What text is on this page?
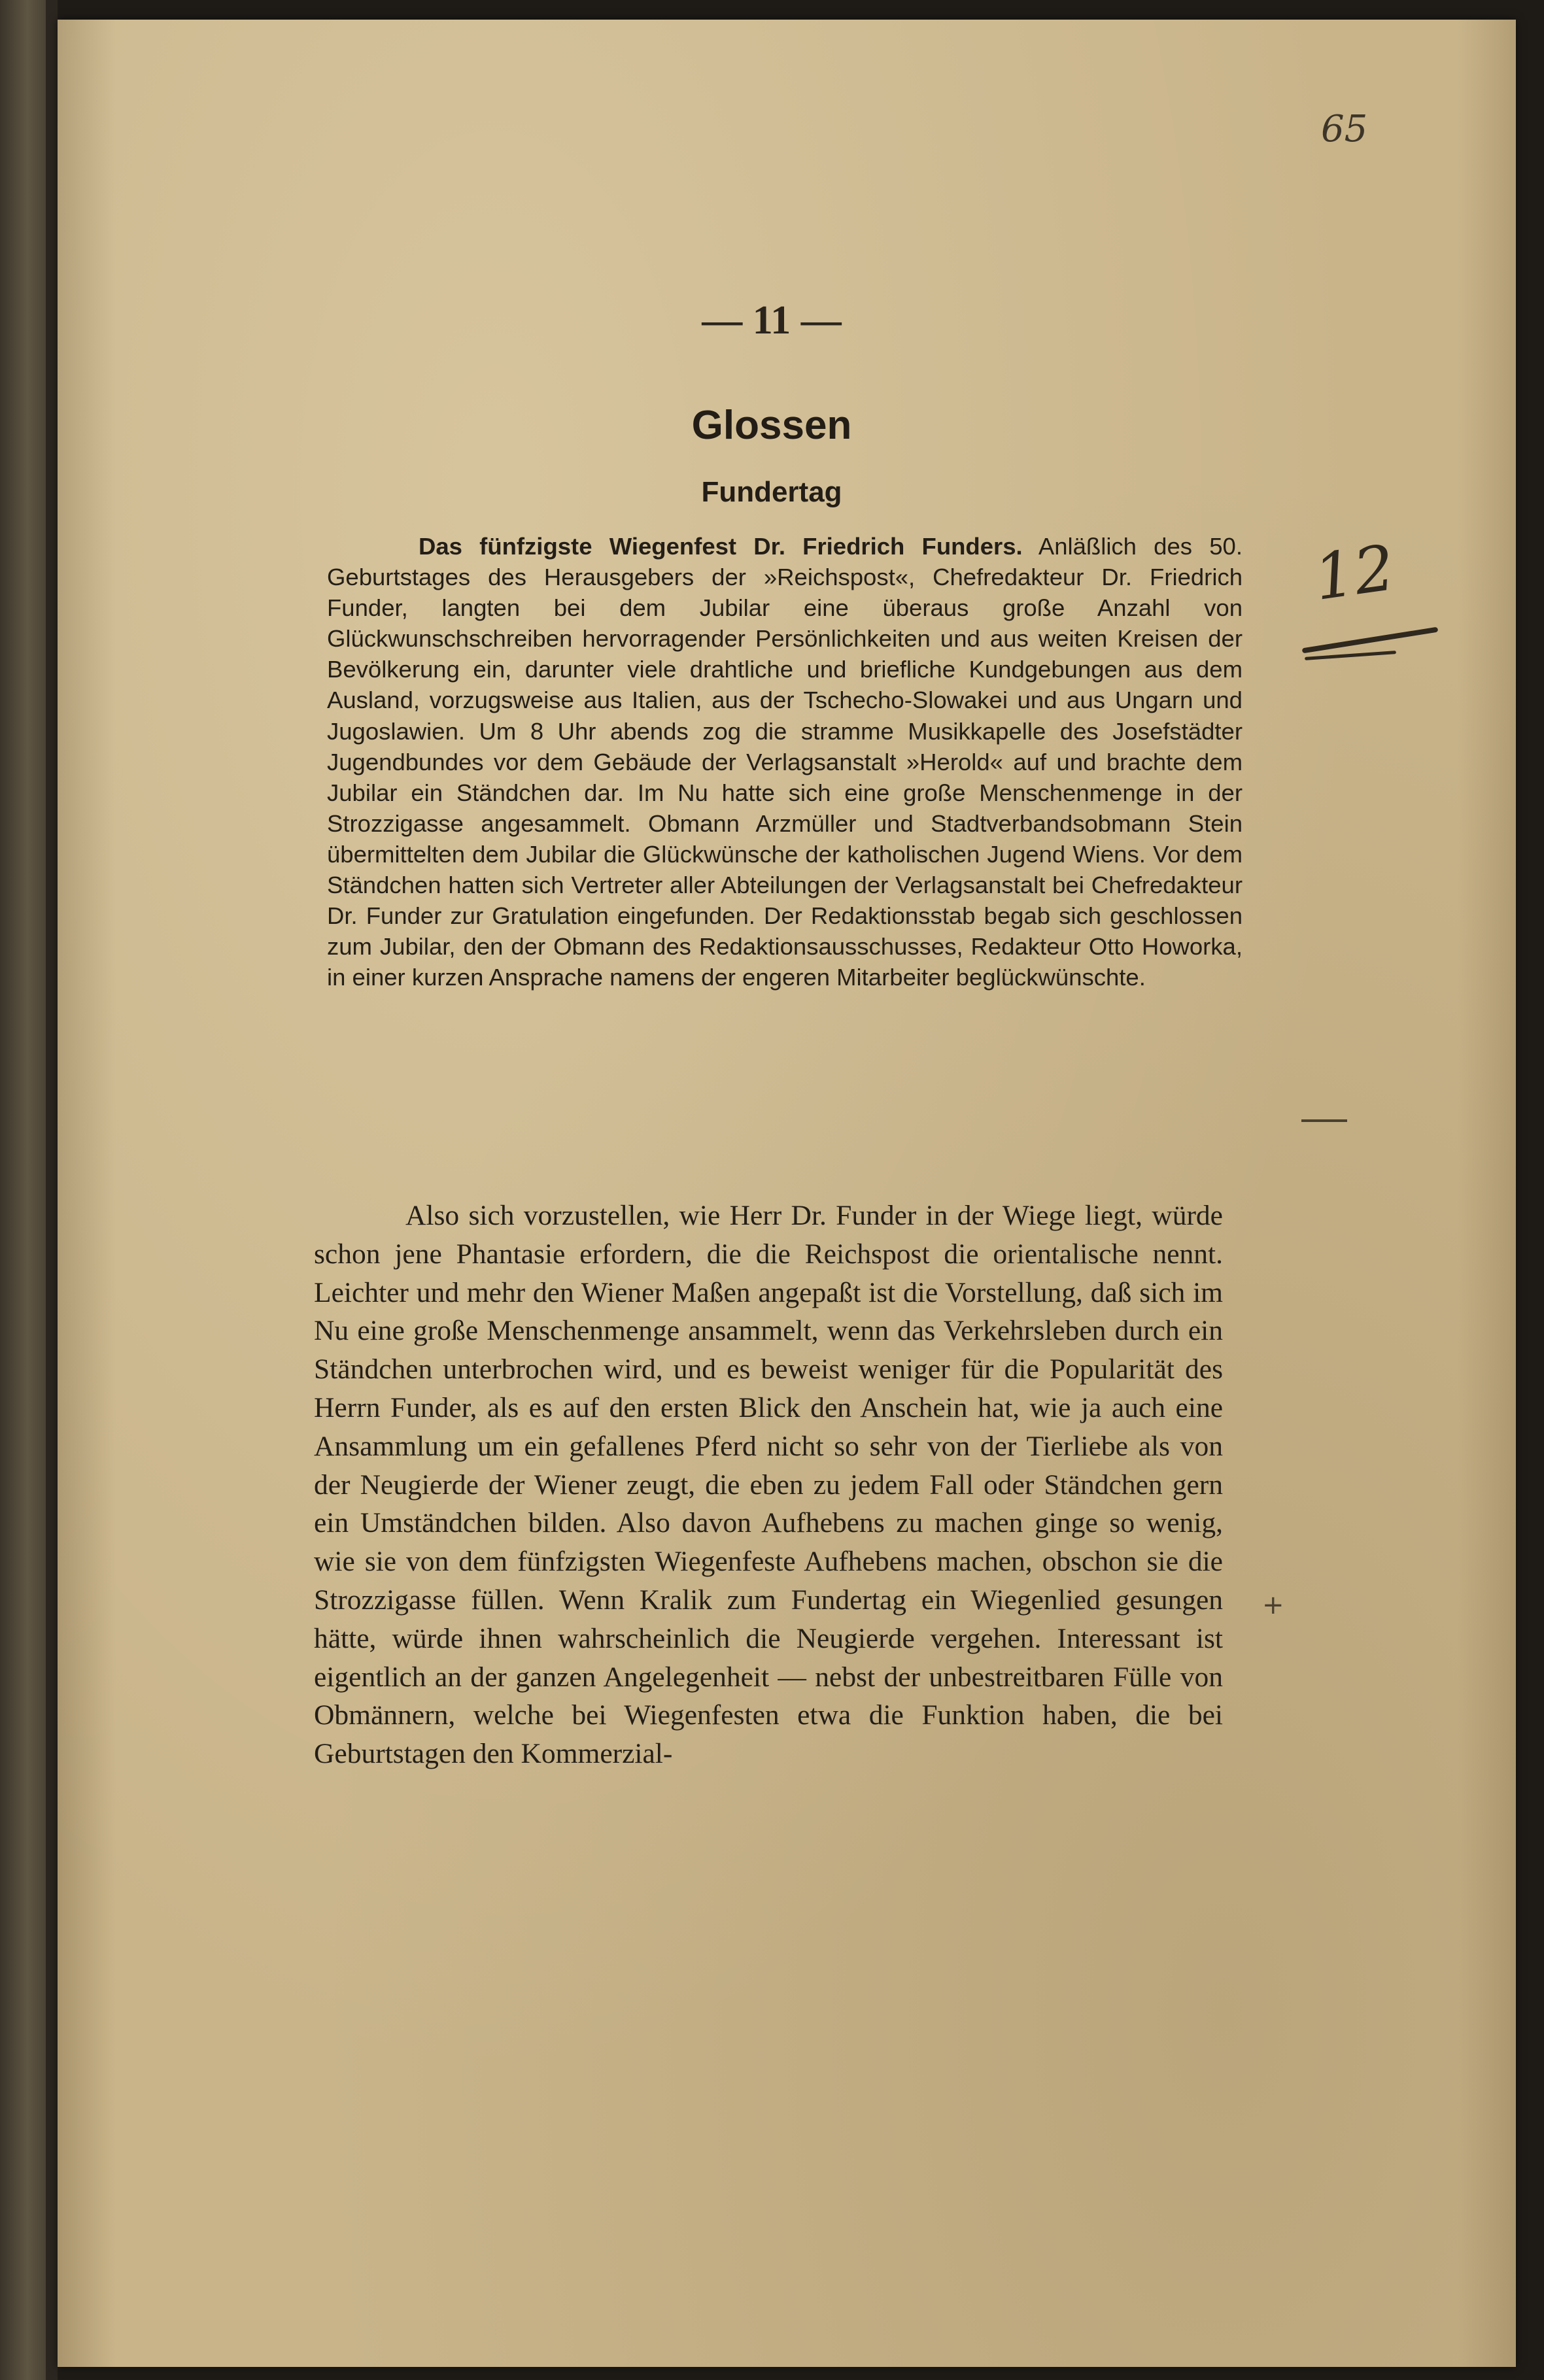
65
— 11 —
Glossen
Fundertag

Das fünfzigste Wiegenfest Dr. Friedrich Funders. Anläßlich des 50. Geburtstages des Herausgebers der »Reichspost«, Chefredakteur Dr. Friedrich Funder, langten bei dem Jubilar eine überaus große Anzahl von Glückwunschschreiben hervorragender Persönlichkeiten und aus weiten Kreisen der Bevölkerung ein, darunter viele drahtliche und briefliche Kundgebungen aus dem Ausland, vorzugsweise aus Italien, aus der Tschecho-Slowakei und aus Ungarn und Jugoslawien. Um 8 Uhr abends zog die stramme Musikkapelle des Josefstädter Jugendbundes vor dem Gebäude der Verlagsanstalt »Herold« auf und brachte dem Jubilar ein Ständchen dar. Im Nu hatte sich eine große Menschenmenge in der Strozzigasse angesammelt. Obmann Arzmüller und Stadtverbandsobmann Stein übermittelten dem Jubilar die Glückwünsche der katholischen Jugend Wiens. Vor dem Ständchen hatten sich Vertreter aller Abteilungen der Verlagsanstalt bei Chefredakteur Dr. Funder zur Gratulation eingefunden. Der Redaktionsstab begab sich geschlossen zum Jubilar, den der Obmann des Redaktionsausschusses, Redakteur Otto Howorka, in einer kurzen Ansprache namens der engeren Mitarbeiter beglückwünschte.

Also sich vorzustellen, wie Herr Dr. Funder in der Wiege liegt, würde schon jene Phantasie erfordern, die die Reichspost die orientalische nennt. Leichter und mehr den Wiener Maßen angepaßt ist die Vorstellung, daß sich im Nu eine große Menschenmenge ansammelt, wenn das Verkehrsleben durch ein Ständchen unterbrochen wird, und es beweist weniger für die Popularität des Herrn Funder, als es auf den ersten Blick den Anschein hat, wie ja auch eine Ansammlung um ein gefallenes Pferd nicht so sehr von der Tierliebe als von der Neugierde der Wiener zeugt, die eben zu jedem Fall oder Ständchen gern ein Umständchen bilden. Also davon Aufhebens zu machen ginge so wenig, wie sie von dem fünfzigsten Wiegenfeste Aufhebens machen, obschon sie die Strozzigasse füllen. Wenn Kralik zum Fundertag ein Wiegenlied gesungen hätte, würde ihnen wahrscheinlich die Neugierde vergehen. Interessant ist eigentlich an der ganzen Angelegenheit — nebst der unbestreitbaren Fülle von Obmännern, welche bei Wiegenfesten etwa die Funktion haben, die bei Geburtstagen den Kommerzial-

12
+
